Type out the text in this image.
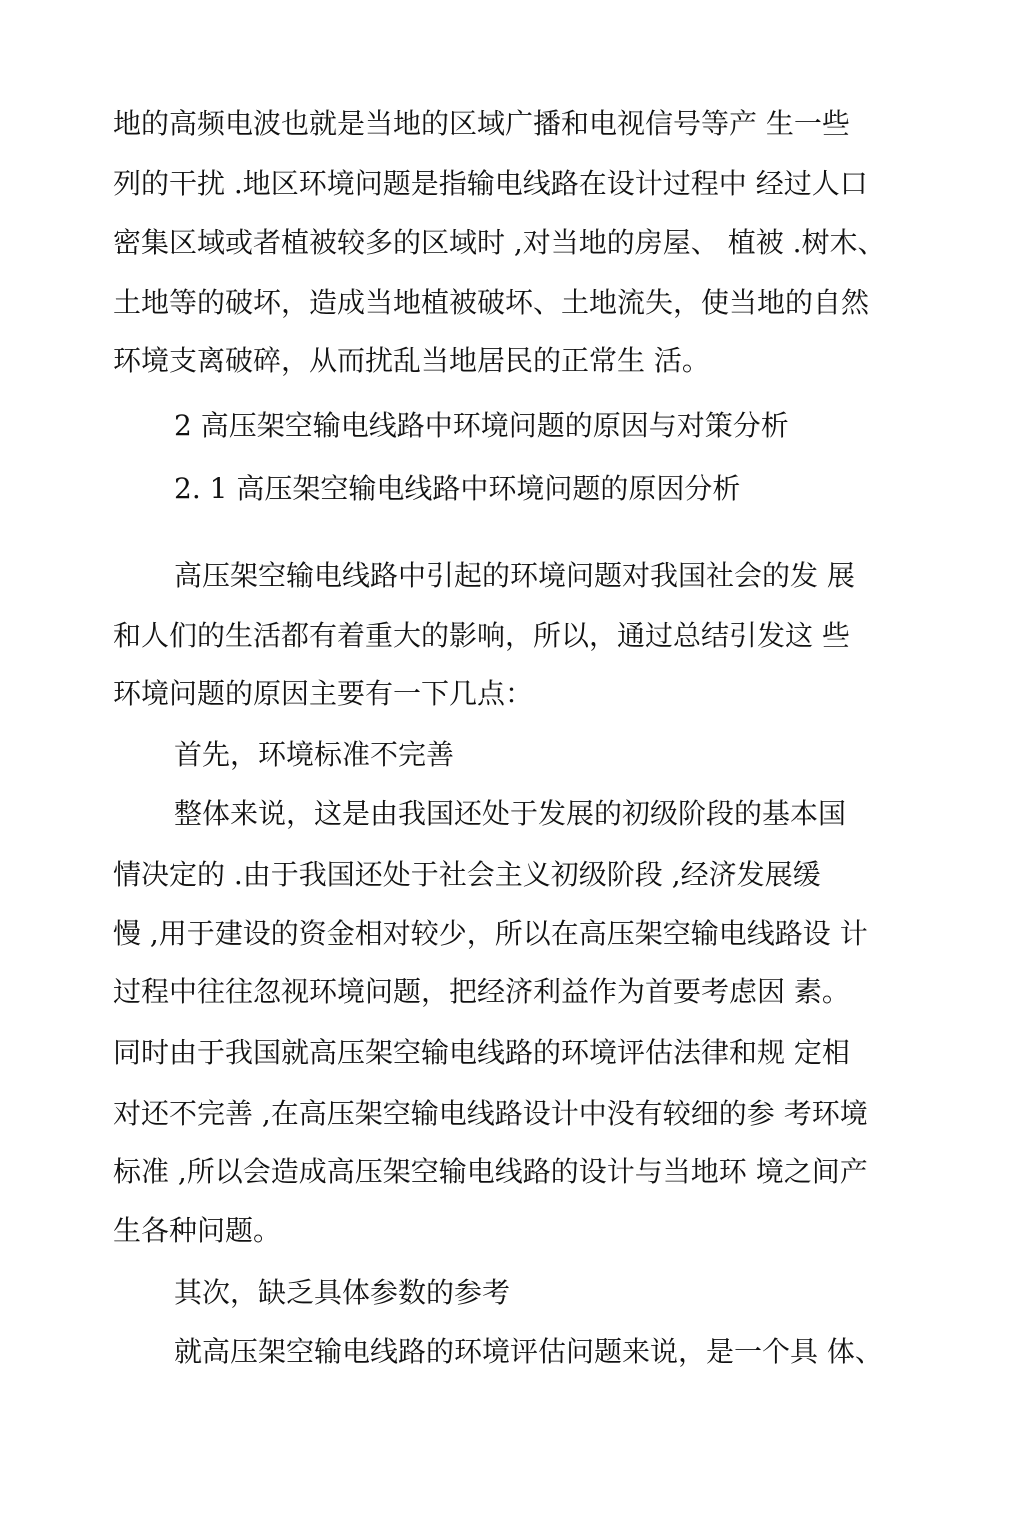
地的高频电波也就是当地的区域广播和电视信号等产 生一些
列的干扰 .地区环境问题是指输电线路在设计过程中 经过人口
密集区域或者植被较多的区域时 ,对当地的房屋、 植被 .树木、
土地等的破坏，造成当地植被破坏、土地流失，使当地的自然
环境支离破碎，从而扰乱当地居民的正常生 活。
2 高压架空输电线路中环境问题的原因与对策分析
2. 1 高压架空输电线路中环境问题的原因分析
高压架空输电线路中引起的环境问题对我国社会的发 展
和人们的生活都有着重大的影响，所以，通过总结引发这 些
环境问题的原因主要有一下几点：
首先，环境标准不完善
整体来说，这是由我国还处于发展的初级阶段的基本国
情决定的 .由于我国还处于社会主义初级阶段 ,经济发展缓
慢 ,用于建设的资金相对较少，所以在高压架空输电线路设 计
过程中往往忽视环境问题，把经济利益作为首要考虑因 素。
同时由于我国就高压架空输电线路的环境评估法律和规 定相
对还不完善 ,在高压架空输电线路设计中没有较细的参 考环境
标准 ,所以会造成高压架空输电线路的设计与当地环 境之间产
生各种问题。
其次，缺乏具体参数的参考
就高压架空输电线路的环境评估问题来说，是一个具 体、
